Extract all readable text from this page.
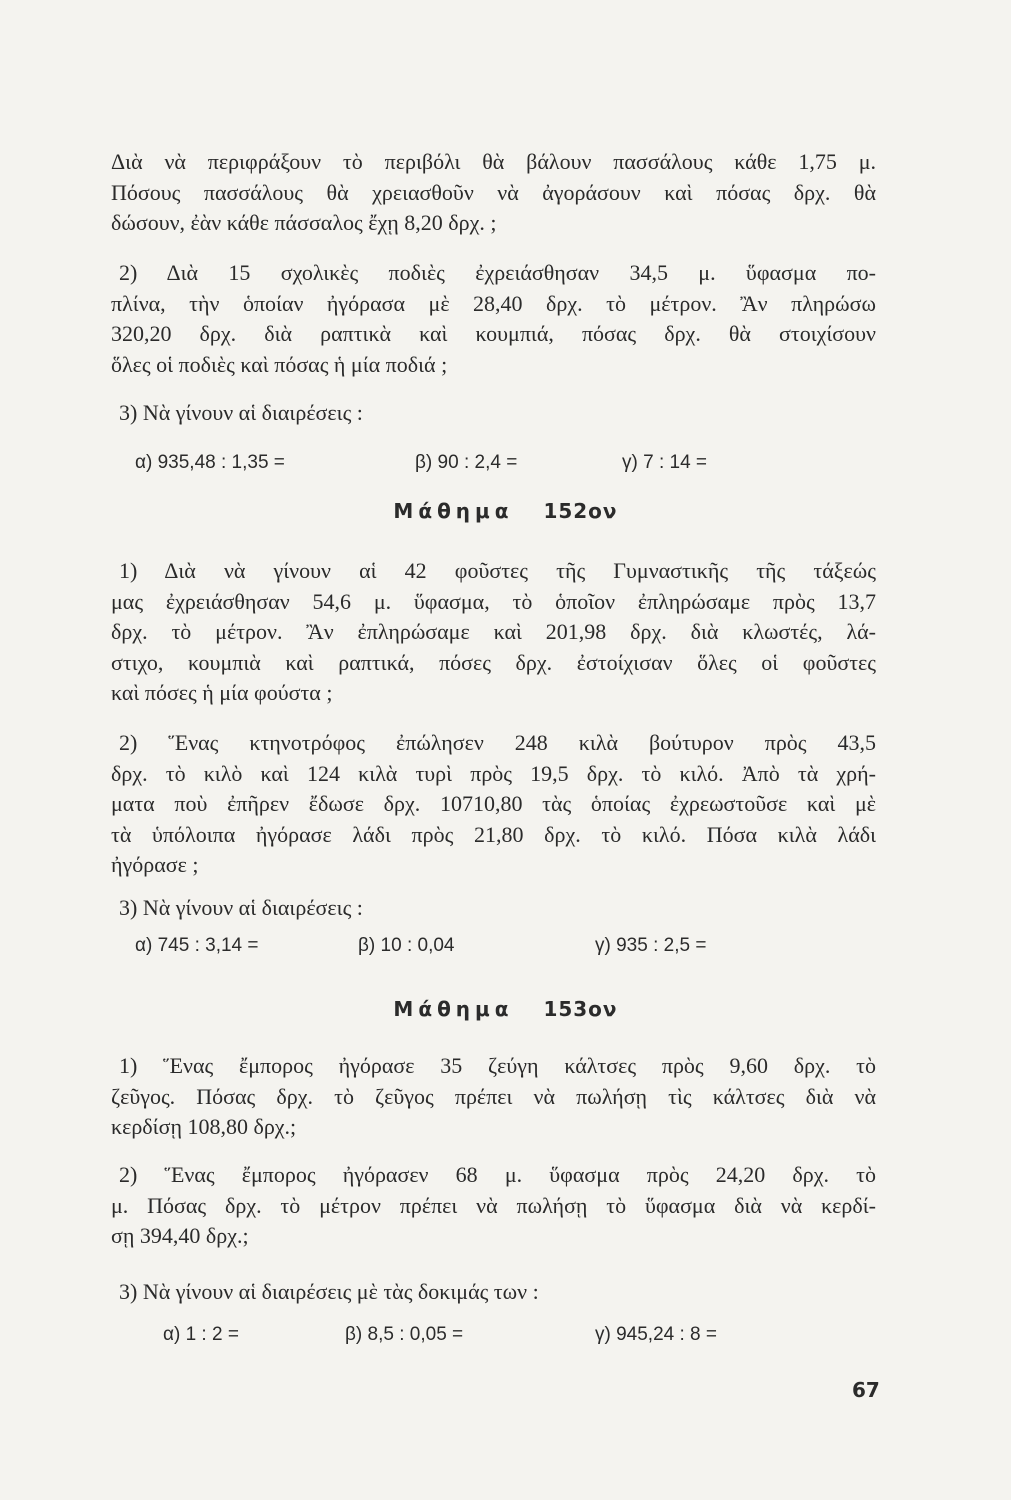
Διὰ νὰ περιφράξουν τὸ περιβόλι θὰ βάλουν πασσάλους κάθε 1,75 μ.
Πόσους πασσάλους θὰ χρειασθοῦν νὰ ἀγοράσουν καὶ πόσας δρχ. θὰ
δώσουν, ἐὰν κάθε πάσσαλος ἔχῃ 8,20 δρχ. ;
2) Διὰ 15 σχολικὲς ποδιὲς ἐχρειάσθησαν 34,5 μ. ὕφασμα πο-
πλίνα, τὴν ὁποίαν ἠγόρασα μὲ 28,40 δρχ. τὸ μέτρον. Ἂν πληρώσω
320,20 δρχ. διὰ ραπτικὰ καὶ κουμπιά, πόσας δρχ. θὰ στοιχίσουν
ὅλες οἱ ποδιὲς καὶ πόσας ἡ μία ποδιά ;
3) Νὰ γίνουν αἱ διαιρέσεις :
α) 935,48 : 1,35 =	β) 90 : 2,4 =	γ) 7 : 14 =
Μάθημα 152ον
1) Διὰ νὰ γίνουν αἱ 42 φοῦστες τῆς Γυμναστικῆς τῆς τάξεώς
μας ἐχρειάσθησαν 54,6 μ. ὕφασμα, τὸ ὁποῖον ἐπληρώσαμε πρὸς 13,7
δρχ. τὸ μέτρον. Ἂν ἐπληρώσαμε καὶ 201,98 δρχ. διὰ κλωστές, λά-
στιχο, κουμπιὰ καὶ ραπτικά, πόσες δρχ. ἐστοίχισαν ὅλες οἱ φοῦστες
καὶ πόσες ἡ μία φούστα ;
2) Ἕνας κτηνοτρόφος ἐπώλησεν 248 κιλὰ βούτυρον πρὸς 43,5
δρχ. τὸ κιλὸ καὶ 124 κιλὰ τυρὶ πρὸς 19,5 δρχ. τὸ κιλό. Ἀπὸ τὰ χρή-
ματα ποὺ ἐπῆρεν ἔδωσε δρχ. 10710,80 τὰς ὁποίας ἐχρεωστοῦσε καὶ μὲ
τὰ ὑπόλοιπα ἠγόρασε λάδι πρὸς 21,80 δρχ. τὸ κιλό. Πόσα κιλὰ λάδι
ἠγόρασε ;
3) Νὰ γίνουν αἱ διαιρέσεις :
α) 745 : 3,14 =	β) 10 : 0,04	γ) 935 : 2,5 =
Μάθημα 153ον
1) Ἕνας ἔμπορος ἠγόρασε 35 ζεύγη κάλτσες πρὸς 9,60 δρχ. τὸ
ζεῦγος. Πόσας δρχ. τὸ ζεῦγος πρέπει νὰ πωλήσῃ τὶς κάλτσες διὰ νὰ
κερδίσῃ 108,80 δρχ.;
2) Ἕνας ἔμπορος ἠγόρασεν 68 μ. ὕφασμα πρὸς 24,20 δρχ. τὸ
μ. Πόσας δρχ. τὸ μέτρον πρέπει νὰ πωλήσῃ τὸ ὕφασμα διὰ νὰ κερδί-
σῃ 394,40 δρχ.;
3) Νὰ γίνουν αἱ διαιρέσεις μὲ τὰς δοκιμάς των :
α) 1 : 2 =	β) 8,5 : 0,05 =	γ) 945,24 : 8 =
67
